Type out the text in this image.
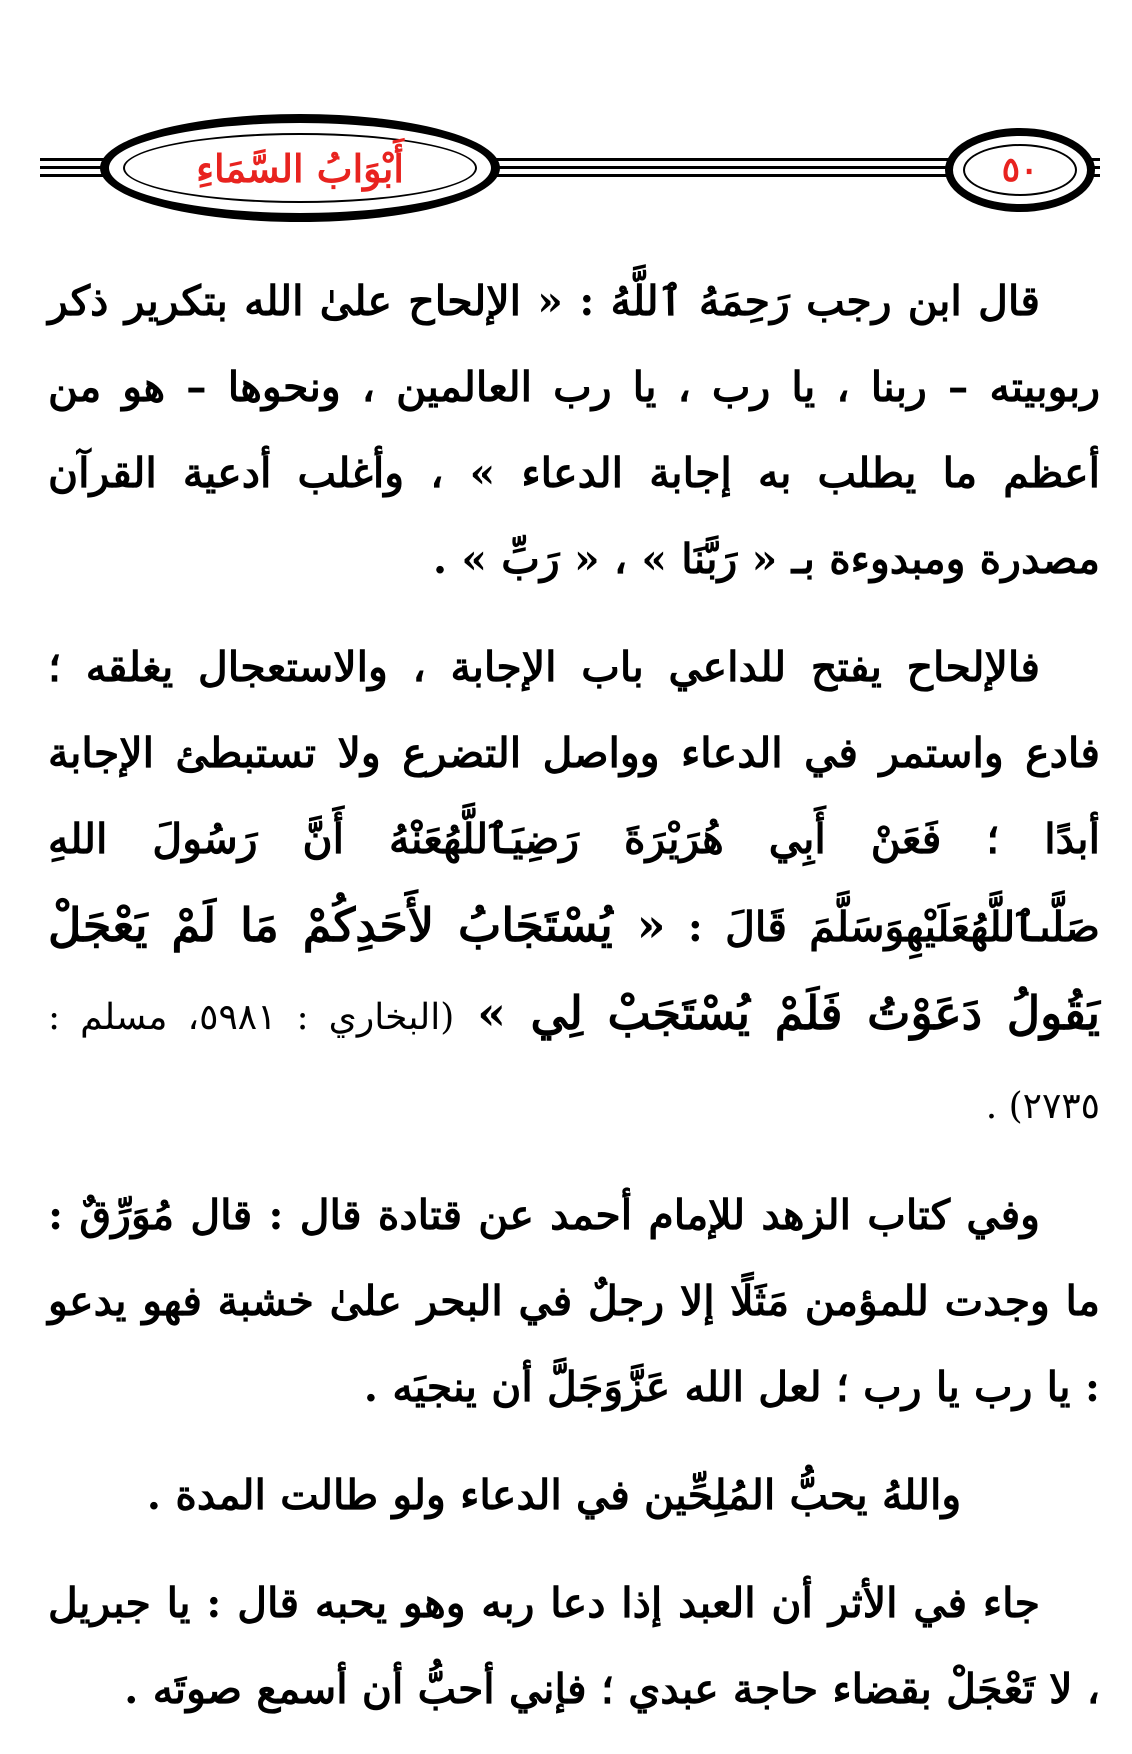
أَبْوَابُ السَّمَاءِ	٥٠

قال ابن رجب رَحِمَهُ ٱللَّهُ : « الإلحاح علىٰ الله بتكرير ذكر ربوبيته – ربنا ، يا رب ، يا رب العالمين ، ونحوها – هو من أعظم ما يطلب به إجابة الدعاء » ، وأغلب أدعية القرآن مصدرة ومبدوءة بـ « رَبَّنَا » ، « رَبِّ » .

فالإلحاح يفتح للداعي باب الإجابة ، والاستعجال يغلقه ؛ فادع واستمر في الدعاء وواصل التضرع ولا تستبطئ الإجابة أبدًا ؛ فَعَنْ أَبِي هُرَيْرَةَ رَضِيَٱللَّهُعَنْهُ أَنَّ رَسُولَ اللهِ صَلَّىٱللَّهُعَلَيْهِوَسَلَّمَ قَالَ : « يُسْتَجَابُ لأَحَدِكُمْ مَا لَمْ يَعْجَلْ يَقُولُ دَعَوْتُ فَلَمْ يُسْتَجَبْ لِي » (البخاري : ٥٩٨١، مسلم : ٢٧٣٥) .

وفي كتاب الزهد للإمام أحمد عن قتادة قال : قال مُوَرِّقٌ : ما وجدت للمؤمن مَثَلًا إلا رجلٌ في البحر علىٰ خشبة فهو يدعو : يا رب يا رب ؛ لعل الله عَزَّوَجَلَّ أن ينجيَه .

واللهُ يحبُّ المُلِحِّين في الدعاء ولو طالت المدة .

جاء في الأثر أن العبد إذا دعا ربه وهو يحبه قال : يا جبريل ، لا تَعْجَلْ بقضاء حاجة عبدي ؛ فإني أحبُّ أن أسمع صوتَه .
